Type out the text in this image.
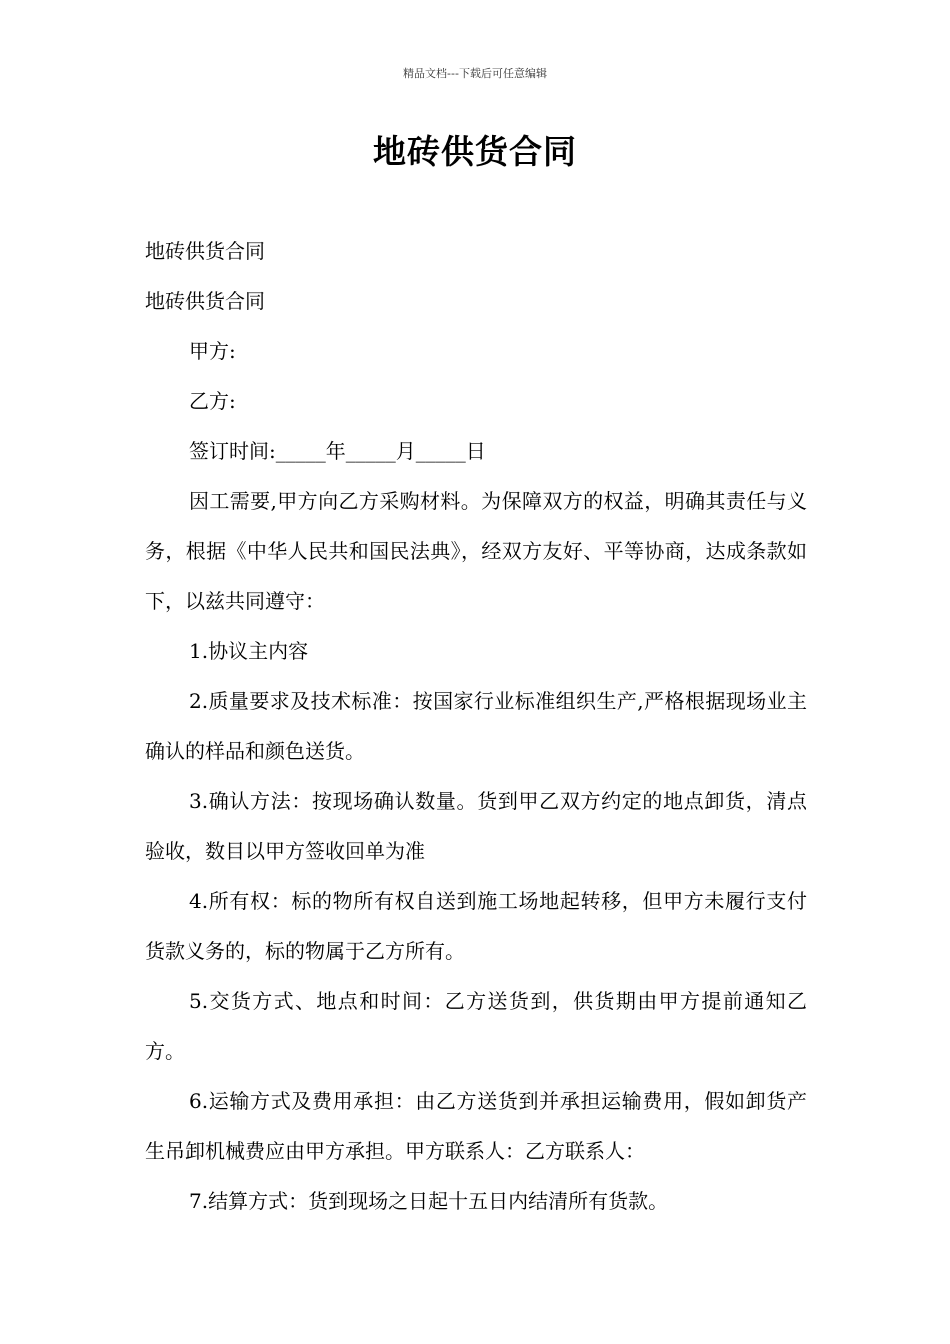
精品文档---下载后可任意编辑
地砖供货合同

地砖供货合同

地砖供货合同

甲方:

乙方:

签订时间:_____年_____月_____日

因工需要,甲方向乙方采购材料。为保障双方的权益，明确其责任与义务，根据《中华人民共和国民法典》，经双方友好、平等协商，达成条款如下，以兹共同遵守：

1.协议主内容

2.质量要求及技术标准：按国家行业标准组织生产,严格根据现场业主确认的样品和颜色送货。

3.确认方法：按现场确认数量。货到甲乙双方约定的地点卸货，清点验收，数目以甲方签收回单为准

4.所有权：标的物所有权自送到施工场地起转移，但甲方未履行支付货款义务的，标的物属于乙方所有。

5.交货方式、地点和时间：乙方送货到，供货期由甲方提前通知乙方。

6.运输方式及费用承担：由乙方送货到并承担运输费用，假如卸货产生吊卸机械费应由甲方承担。甲方联系人：乙方联系人：

7.结算方式：货到现场之日起十五日内结清所有货款。
